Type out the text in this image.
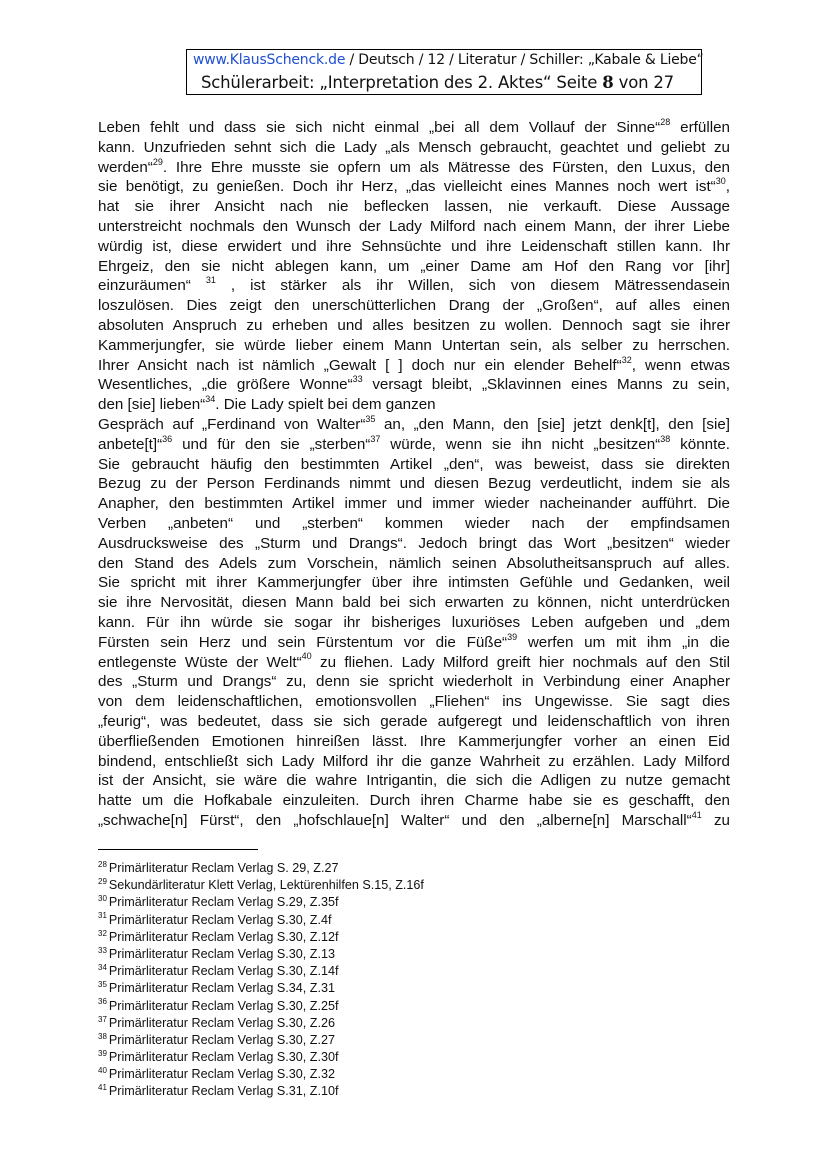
www.KlausSchenck.de / Deutsch / 12 / Literatur / Schiller: „Kabale & Liebe“
Schülerarbeit: „Interpretation des 2. Aktes“ Seite 8 von 27
Leben fehlt und dass sie sich nicht einmal „bei all dem Vollauf der Sinne“$^{28}$ erfüllen
kann. Unzufrieden sehnt sich die Lady „als Mensch gebraucht, geachtet und geliebt zu
werden“$^{29}$. Ihre Ehre musste sie opfern um als Mätresse des Fürsten, den Luxus, den
sie benötigt, zu genießen. Doch ihr Herz, „das vielleicht eines Mannes noch wert ist“$^{30}$,
hat sie ihrer Ansicht nach nie beflecken lassen, nie verkauft. Diese Aussage
unterstreicht nochmals den Wunsch der Lady Milford nach einem Mann, der ihrer Liebe
würdig ist, diese erwidert und ihre Sehnsüchte und ihre Leidenschaft stillen kann. Ihr
Ehrgeiz, den sie nicht ablegen kann, um „einer Dame am Hof den Rang vor [ihr]
einzuräumen“ $^{31}$ , ist stärker als ihr Willen, sich von diesem Mätressendasein
loszulösen. Dies zeigt den unerschütterlichen Drang der „Großen“, auf alles einen
absoluten Anspruch zu erheben und alles besitzen zu wollen. Dennoch sagt sie ihrer
Kammerjungfer, sie würde lieber einem Mann Untertan sein, als selber zu herrschen.
Ihrer Ansicht nach ist nämlich „Gewalt [ ] doch nur ein elender Behelf“$^{32}$, wenn etwas
Wesentliches, „die größere Wonne“$^{33}$ versagt bleibt, „Sklavinnen eines Manns zu sein,
den [sie] lieben“$^{34}$. Die Lady spielt bei dem ganzen
Gespräch auf „Ferdinand von Walter“$^{35}$ an, „den Mann, den [sie] jetzt denk[t], den [sie]
anbete[t]“$^{36}$ und für den sie „sterben“$^{37}$ würde, wenn sie ihn nicht „besitzen“$^{38}$ könnte.
Sie gebraucht häufig den bestimmten Artikel „den“, was beweist, dass sie direkten
Bezug zu der Person Ferdinands nimmt und diesen Bezug verdeutlicht, indem sie als
Anapher, den bestimmten Artikel immer und immer wieder nacheinander aufführt. Die
Verben „anbeten“ und „sterben“ kommen wieder nach der empfindsamen
Ausdrucksweise des „Sturm und Drangs“. Jedoch bringt das Wort „besitzen“ wieder
den Stand des Adels zum Vorschein, nämlich seinen Absolutheitsanspruch auf alles.
Sie spricht mit ihrer Kammerjungfer über ihre intimsten Gefühle und Gedanken, weil
sie ihre Nervosität, diesen Mann bald bei sich erwarten zu können, nicht unterdrücken
kann. Für ihn würde sie sogar ihr bisheriges luxuriöses Leben aufgeben und „dem
Fürsten sein Herz und sein Fürstentum vor die Füße“$^{39}$ werfen um mit ihm „in die
entlegenste Wüste der Welt“$^{40}$ zu fliehen. Lady Milford greift hier nochmals auf den Stil
des „Sturm und Drangs“ zu, denn sie spricht wiederholt in Verbindung einer Anapher
von dem leidenschaftlichen, emotionsvollen „Fliehen“ ins Ungewisse. Sie sagt dies
„feurig“, was bedeutet, dass sie sich gerade aufgeregt und leidenschaftlich von ihren
überfließenden Emotionen hinreißen lässt. Ihre Kammerjungfer vorher an einen Eid
bindend, entschließt sich Lady Milford ihr die ganze Wahrheit zu erzählen. Lady Milford
ist der Ansicht, sie wäre die wahre Intrigantin, die sich die Adligen zu nutze gemacht
hatte um die Hofkabale einzuleiten. Durch ihren Charme habe sie es geschafft, den
„schwache[n] Fürst“, den „hofschlaue[n] Walter“ und den „alberne[n] Marschall“$^{41}$ zu
$^{28}$ Primärliteratur Reclam Verlag S. 29, Z.27
$^{29}$ Sekundärliteratur Klett Verlag, Lektürenhilfen S.15, Z.16f
$^{30}$ Primärliteratur Reclam Verlag S.29, Z.35f
$^{31}$ Primärliteratur Reclam Verlag S.30, Z.4f
$^{32}$ Primärliteratur Reclam Verlag S.30, Z.12f
$^{33}$ Primärliteratur Reclam Verlag S.30, Z.13
$^{34}$ Primärliteratur Reclam Verlag S.30, Z.14f
$^{35}$ Primärliteratur Reclam Verlag S.34, Z.31
$^{36}$ Primärliteratur Reclam Verlag S.30, Z.25f
$^{37}$ Primärliteratur Reclam Verlag S.30, Z.26
$^{38}$ Primärliteratur Reclam Verlag S.30, Z.27
$^{39}$ Primärliteratur Reclam Verlag S.30, Z.30f
$^{40}$ Primärliteratur Reclam Verlag S.30, Z.32
$^{41}$ Primärliteratur Reclam Verlag S.31, Z.10f
